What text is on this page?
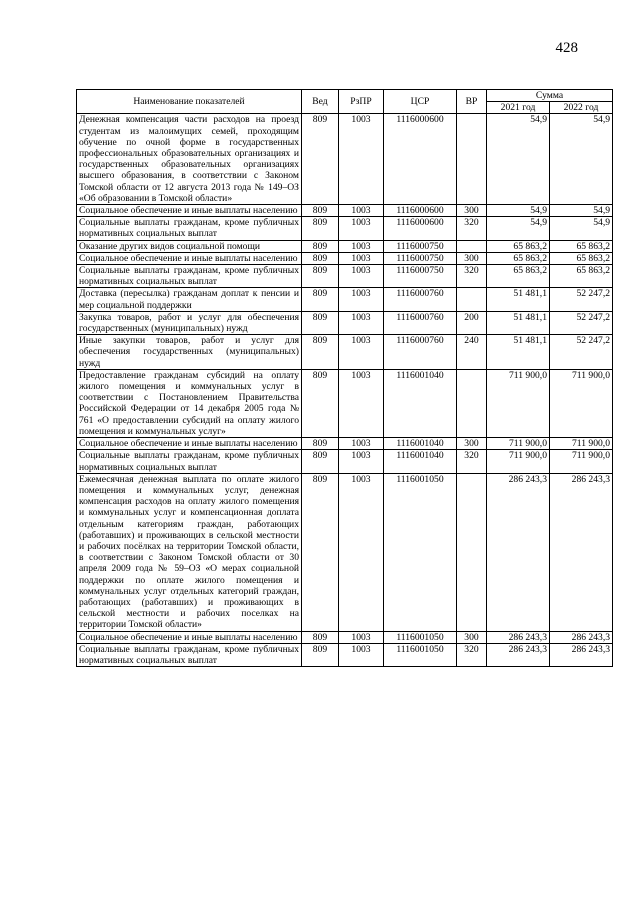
428
Наименование показателей	Вед	РзПР	ЦСР	ВР	Сумма	
					2021 год	2022 год
Денежная компенсация части расходов на проезд студентам из малоимущих семей, проходящим обучение по очной форме в государственных профессиональных образовательных организациях и государственных образовательных организациях высшего образования, в соответствии с Законом Томской области от 12 августа 2013 года № 149–ОЗ «Об образовании в Томской области»	809	1003	1116000600		54,9	54,9
Социальное обеспечение и иные выплаты населению	809	1003	1116000600	300	54,9	54,9
Социальные выплаты гражданам, кроме публичных нормативных социальных выплат	809	1003	1116000600	320	54,9	54,9
Оказание других видов социальной помощи	809	1003	1116000750		65 863,2	65 863,2
Социальное обеспечение и иные выплаты населению	809	1003	1116000750	300	65 863,2	65 863,2
Социальные выплаты гражданам, кроме публичных нормативных социальных выплат	809	1003	1116000750	320	65 863,2	65 863,2
Доставка (пересылка) гражданам доплат к пенсии и мер социальной поддержки	809	1003	1116000760		51 481,1	52 247,2
Закупка товаров, работ и услуг для обеспечения государственных (муниципальных) нужд	809	1003	1116000760	200	51 481,1	52 247,2
Иные закупки товаров, работ и услуг для обеспечения государственных (муниципальных) нужд	809	1003	1116000760	240	51 481,1	52 247,2
Предоставление гражданам субсидий на оплату жилого помещения и коммунальных услуг в соответствии с Постановлением Правительства Российской Федерации от 14 декабря 2005 года № 761 «О предоставлении субсидий на оплату жилого помещения и коммунальных услуг»	809	1003	1116001040		711 900,0	711 900,0
Социальное обеспечение и иные выплаты населению	809	1003	1116001040	300	711 900,0	711 900,0
Социальные выплаты гражданам, кроме публичных нормативных социальных выплат	809	1003	1116001040	320	711 900,0	711 900,0
Ежемесячная денежная выплата по оплате жилого помещения и коммунальных услуг, денежная компенсация расходов на оплату жилого помещения и коммунальных услуг и компенсационная доплата отдельным категориям граждан, работающих (работавших) и проживающих в сельской местности и рабочих посёлках на территории Томской области, в соответствии с Законом Томской области от 30 апреля 2009 года № 59–ОЗ «О мерах социальной поддержки по оплате жилого помещения и коммунальных услуг отдельных категорий граждан, работающих (работавших) и проживающих в сельской местности и рабочих поселках на территории Томской области»	809	1003	1116001050		286 243,3	286 243,3
Социальное обеспечение и иные выплаты населению	809	1003	1116001050	300	286 243,3	286 243,3
Социальные выплаты гражданам, кроме публичных нормативных социальных выплат	809	1003	1116001050	320	286 243,3	286 243,3
